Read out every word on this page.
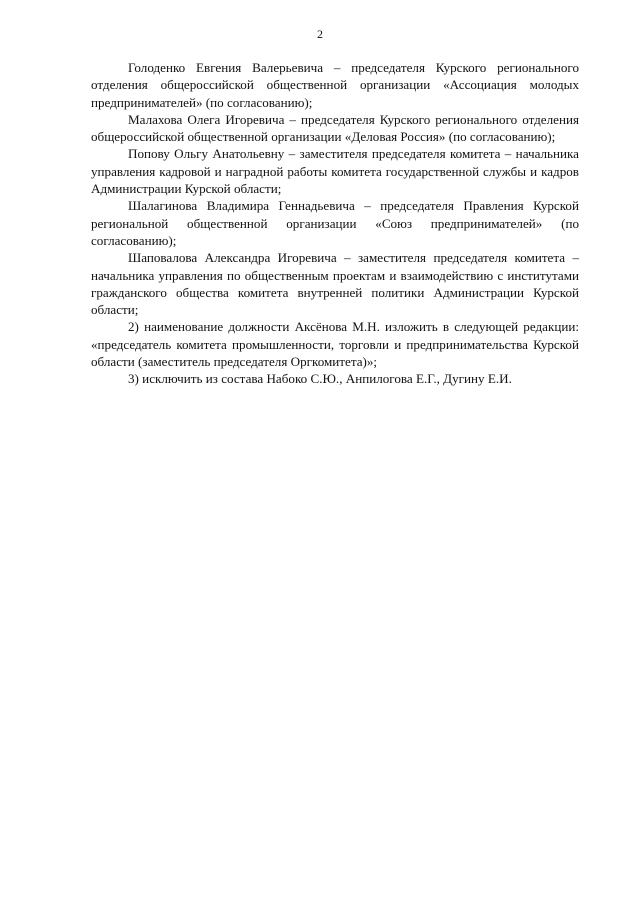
2

Голоденко Евгения Валерьевича – председателя Курского регионального отделения общероссийской общественной организации «Ассоциация молодых предпринимателей» (по согласованию);

Малахова Олега Игоревича – председателя Курского регионального отделения общероссийской общественной организации «Деловая Россия» (по согласованию);

Попову Ольгу Анатольевну – заместителя председателя комитета – начальника управления кадровой и наградной работы комитета государственной службы и кадров Администрации Курской области;

Шалагинова Владимира Геннадьевича – председателя Правления Курской региональной общественной организации «Союз предпринимателей» (по согласованию);

Шаповалова Александра Игоревича – заместителя председателя комитета – начальника управления по общественным проектам и взаимодействию с институтами гражданского общества комитета внутренней политики Администрации Курской области;

2) наименование должности Аксёнова М.Н. изложить в следующей редакции: «председатель комитета промышленности, торговли и предпринимательства Курской области (заместитель председателя Оргкомитета)»;

3) исключить из состава Набоко С.Ю., Анпилогова Е.Г., Дугину Е.И.
